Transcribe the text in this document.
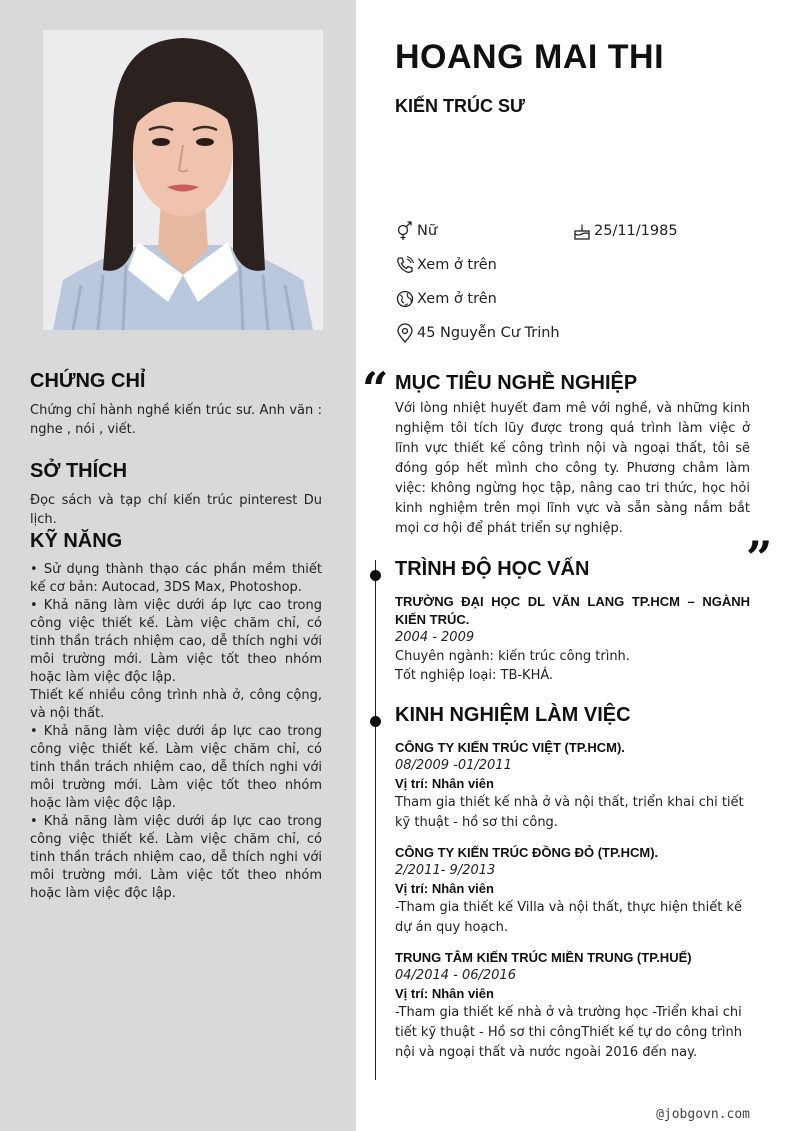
CHỨNG CHỈ
Chứng chỉ hành nghề kiến trúc sư. Anh văn : nghe , nói , viết.
SỞ THÍCH
Đọc sách và tạp chí kiến trúc pinterest Du lịch.
KỸ NĂNG
• Sử dụng thành thạo các phần mềm thiết kế cơ bản: Autocad, 3DS Max, Photoshop.
• Khả năng làm việc dưới áp lực cao trong công việc thiết kế. Làm việc chăm chỉ, có tinh thần trách nhiệm cao, dễ thích nghi với môi trường mới. Làm việc tốt theo nhóm hoặc làm việc độc lập.
Thiết kế nhiều công trình nhà ở, công cộng, và nội thất.
• Khả năng làm việc dưới áp lực cao trong công việc thiết kế. Làm việc chăm chỉ, có tinh thần trách nhiệm cao, dễ thích nghi với môi trường mới. Làm việc tốt theo nhóm hoặc làm việc độc lập.
• Khả năng làm việc dưới áp lực cao trong công việc thiết kế. Làm việc chăm chỉ, có tinh thần trách nhiệm cao, dễ thích nghi với môi trường mới. Làm việc tốt theo nhóm hoặc làm việc độc lập.
HOANG MAI THI
KIẾN TRÚC SƯ
Nữ	25/11/1985
Xem ở trên
Xem ở trên
45 Nguyễn Cư Trinh
“ MỤC TIÊU NGHỀ NGHIỆP
Với lòng nhiệt huyết đam mê với nghề, và những kinh nghiệm tôi tích lũy được trong quá trình làm việc ở lĩnh vực thiết kế công trình nội và ngoại thất, tôi sẽ đóng góp hết mình cho công ty. Phương châm làm việc: không ngừng học tập, nâng cao tri thức, học hỏi kinh nghiệm trên mọi lĩnh vực và sẵn sàng nắm bắt mọi cơ hội để phát triển sự nghiệp.
”
TRÌNH ĐỘ HỌC VẤN
TRƯỜNG ĐẠI HỌC DL VĂN LANG TP.HCM – NGÀNH KIẾN TRÚC.
2004 - 2009
Chuyên ngành: kiến trúc công trình.
Tốt nghiệp loại: TB-KHÁ.
KINH NGHIỆM LÀM VIỆC
CÔNG TY KIẾN TRÚC VIỆT (TP.HCM).
08/2009 -01/2011
Vị trí: Nhân viên
Tham gia thiết kế nhà ở và nội thất, triển khai chi tiết kỹ thuật - hồ sơ thi công.
CÔNG TY KIẾN TRÚC ĐỒNG ĐỎ (TP.HCM).
2/2011- 9/2013
Vị trí: Nhân viên
-Tham gia thiết kế Villa và nội thất, thực hiện thiết kế dự án quy hoạch.
TRUNG TÂM KIẾN TRÚC MIỀN TRUNG (TP.HUẾ)
04/2014 - 06/2016
Vị trí: Nhân viên
-Tham gia thiết kế nhà ở và trường học -Triển khai chi tiết kỹ thuật - Hồ sơ thi côngThiết kế tự do công trình nội và ngoại thất và nước ngoài 2016 đến nay.
@jobgovn.com
